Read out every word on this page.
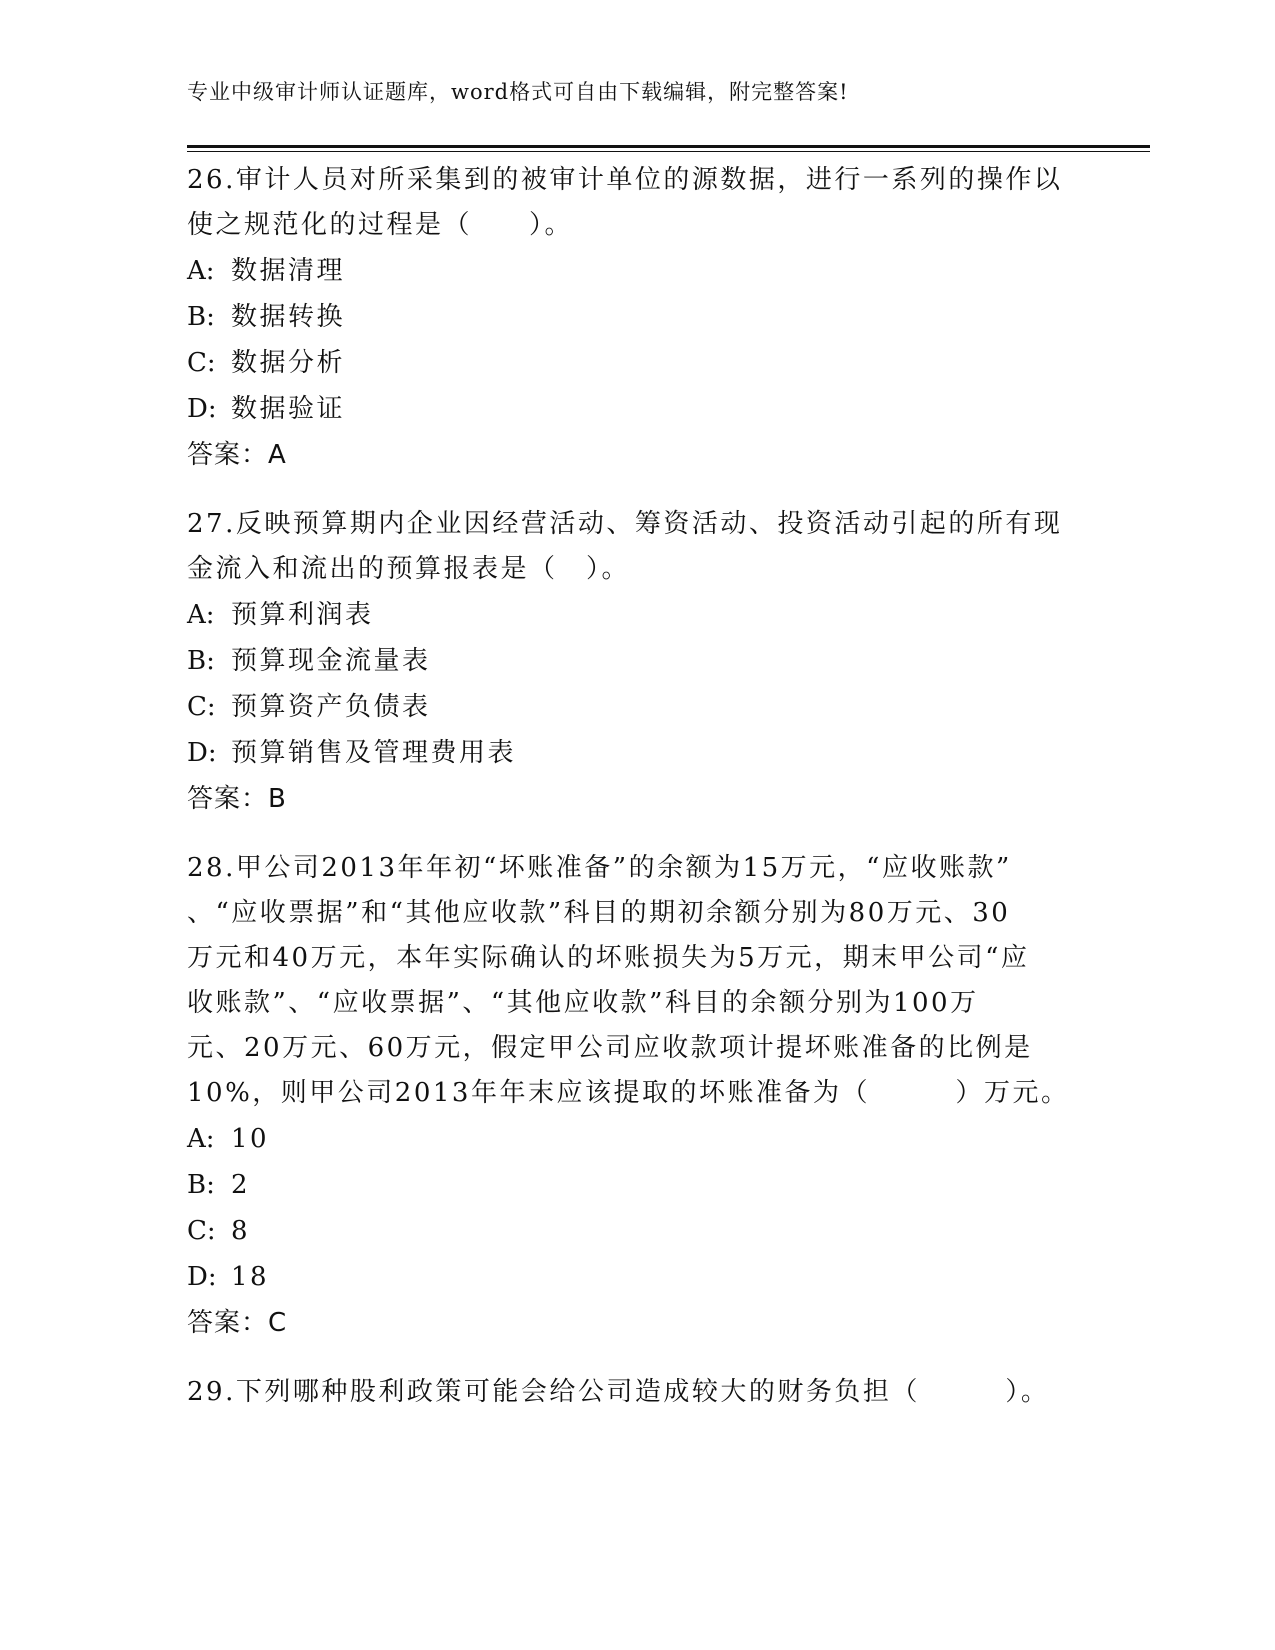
专业中级审计师认证题库，word格式可自由下载编辑，附完整答案!
26.审计人员对所采集到的被审计单位的源数据，进行一系列的操作以
使之规范化的过程是（　　）。
A: 数据清理
B: 数据转换
C: 数据分析
D: 数据验证
答案：A
27.反映预算期内企业因经营活动、筹资活动、投资活动引起的所有现
金流入和流出的预算报表是（　）。
A: 预算利润表
B: 预算现金流量表
C: 预算资产负债表
D: 预算销售及管理费用表
答案：B
28.甲公司2013年年初“坏账准备”的余额为15万元，“应收账款”
、“应收票据”和“其他应收款”科目的期初余额分别为80万元、30
万元和40万元，本年实际确认的坏账损失为5万元，期末甲公司“应
收账款”、“应收票据”、“其他应收款”科目的余额分别为100万
元、20万元、60万元，假定甲公司应收款项计提坏账准备的比例是
10%，则甲公司2013年年末应该提取的坏账准备为（　　　）万元。
A: 10
B: 2
C: 8
D: 18
答案：C
29.下列哪种股利政策可能会给公司造成较大的财务负担（　　　）。
